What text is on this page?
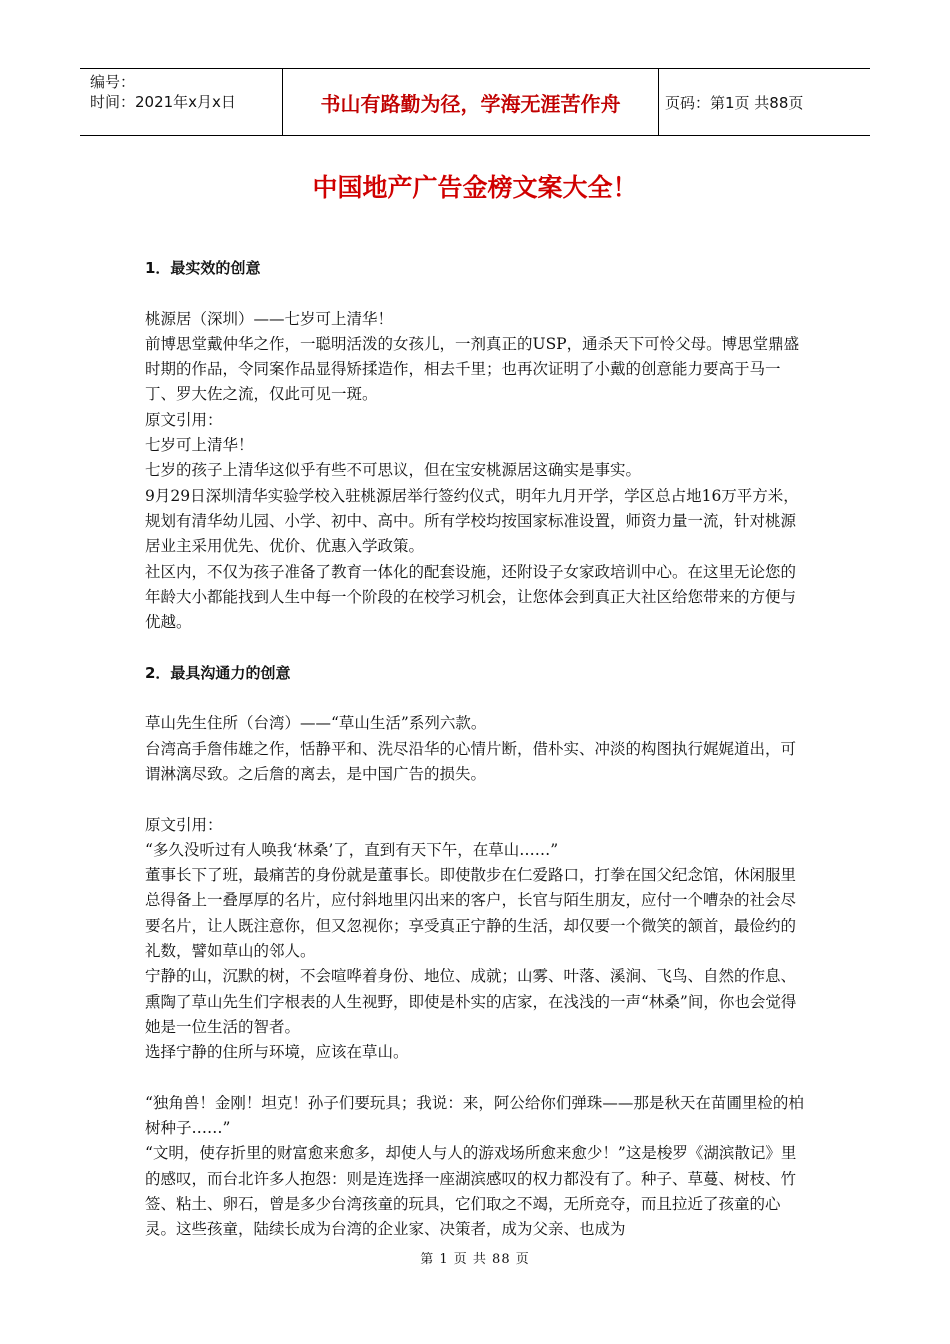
编号：
时间：2021年x月x日	书山有路勤为径，学海无涯苦作舟	页码：第1页 共88页
中国地产广告金榜文案大全！

1．最实效的创意

桃源居（深圳）——七岁可上清华！

前博思堂戴仲华之作，一聪明活泼的女孩儿，一剂真正的USP，通杀天下可怜父母。博思堂鼎盛时期的作品，令同案作品显得矫揉造作，相去千里；也再次证明了小戴的创意能力要高于马一丁、罗大佐之流，仅此可见一斑。

原文引用：

七岁可上清华！

七岁的孩子上清华这似乎有些不可思议，但在宝安桃源居这确实是事实。

9月29日深圳清华实验学校入驻桃源居举行签约仪式，明年九月开学，学区总占地16万平方米，规划有清华幼儿园、小学、初中、高中。所有学校均按国家标准设置，师资力量一流，针对桃源居业主采用优先、优价、优惠入学政策。

社区内，不仅为孩子准备了教育一体化的配套设施，还附设子女家政培训中心。在这里无论您的年龄大小都能找到人生中每一个阶段的在校学习机会，让您体会到真正大社区给您带来的方便与优越。

2．最具沟通力的创意

草山先生住所（台湾）——“草山生活”系列六款。

台湾高手詹伟雄之作，恬静平和、洗尽沿华的心情片断，借朴实、冲淡的构图执行娓娓道出，可谓淋漓尽致。之后詹的离去，是中国广告的损失。

原文引用：

“多久没听过有人唤我‘林桑’了，直到有天下午，在草山……”

董事长下了班，最痛苦的身份就是董事长。即使散步在仁爱路口，打拳在国父纪念馆，休闲服里总得备上一叠厚厚的名片，应付斜地里闪出来的客户，长官与陌生朋友，应付一个嘈杂的社会尽要名片，让人既注意你，但又忽视你；享受真正宁静的生活，却仅要一个微笑的颔首，最俭约的礼数，譬如草山的邻人。

宁静的山，沉默的树，不会喧哗着身份、地位、成就；山雾、叶落、溪涧、飞鸟、自然的作息、熏陶了草山先生们字根表的人生视野，即使是朴实的店家，在浅浅的一声“林桑”间，你也会觉得她是一位生活的智者。

选择宁静的住所与环境，应该在草山。

“独角兽！金刚！坦克！孙子们要玩具；我说：来，阿公给你们弹珠——那是秋天在苗圃里检的柏树种子……”

“文明，使存折里的财富愈来愈多，却使人与人的游戏场所愈来愈少！”这是梭罗《湖滨散记》里的感叹，而台北许多人抱怨：则是连选择一座湖滨感叹的权力都没有了。种子、草蔓、树枝、竹签、粘土、卵石，曾是多少台湾孩童的玩具，它们取之不竭，无所竞夺，而且拉近了孩童的心灵。这些孩童，陆续长成为台湾的企业家、决策者，成为父亲、也成为

第 1 页 共 88 页
